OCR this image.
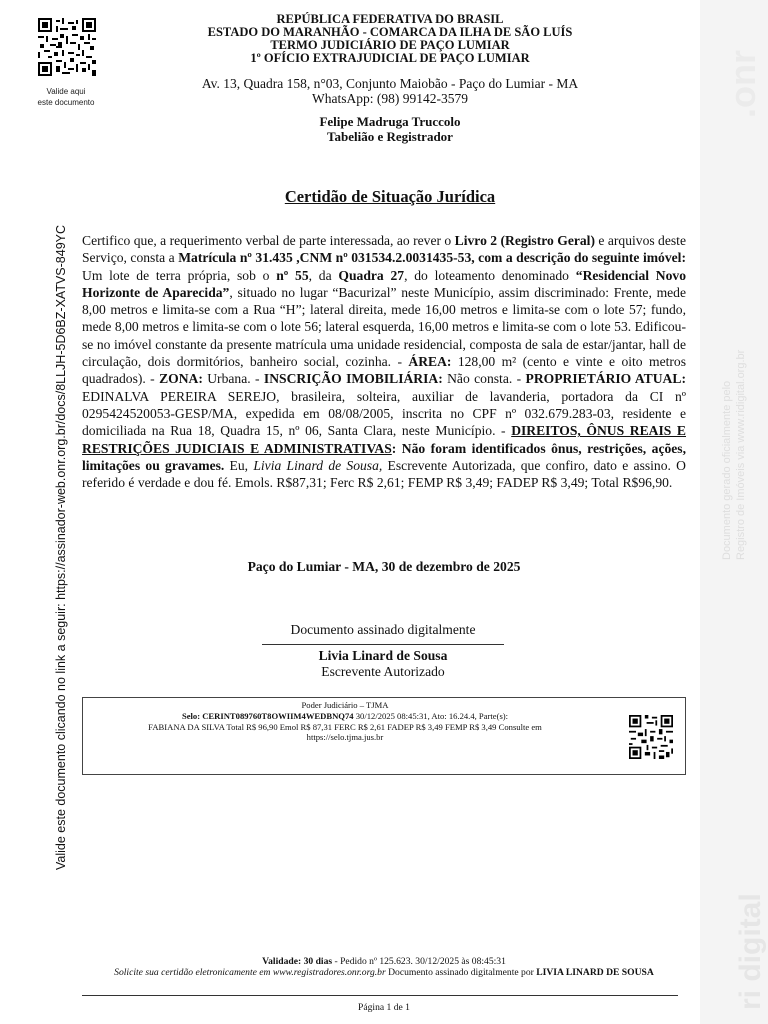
.onr
Documento gerado oficialmente pelo Registro de Imóveis via www.ridigital.org.br
ri digital
Valide aqui
este documento
REPÚBLICA FEDERATIVA DO BRASIL
ESTADO DO MARANHÃO - COMARCA DA ILHA DE SÃO LUÍS
TERMO JUDICIÁRIO DE PAÇO LUMIAR
1º OFÍCIO EXTRAJUDICIAL DE PAÇO LUMIAR
Av. 13, Quadra 158, n°03, Conjunto Maiobão - Paço do Lumiar - MA
WhatsApp: (98) 99142-3579
Felipe Madruga Truccolo
Tabelião e Registrador
Certidão de Situação Jurídica
Certifico que, a requerimento verbal de parte interessada, ao rever o Livro 2 (Registro Geral) e arquivos deste Serviço, consta a Matrícula nº 31.435 ,CNM nº 031534.2.0031435-53, com a descrição do seguinte imóvel: Um lote de terra própria, sob o nº 55, da Quadra 27, do loteamento denominado “Residencial Novo Horizonte de Aparecida”, situado no lugar “Bacurizal” neste Município, assim discriminado: Frente, mede 8,00 metros e limita-se com a Rua “H”; lateral direita, mede 16,00 metros e limita-se com o lote 57; fundo, mede 8,00 metros e limita-se com o lote 56; lateral esquerda, 16,00 metros e limita-se com o lote 53. Edificou-se no imóvel constante da presente matrícula uma unidade residencial, composta de sala de estar/jantar, hall de circulação, dois dormitórios, banheiro social, cozinha. - ÁREA: 128,00 m² (cento e vinte e oito metros quadrados). - ZONA: Urbana. - INSCRIÇÃO IMOBILIÁRIA: Não consta. - PROPRIETÁRIO ATUAL: EDINALVA PEREIRA SEREJO, brasileira, solteira, auxiliar de lavanderia, portadora da CI nº 0295424520053-GESP/MA, expedida em 08/08/2005, inscrita no CPF nº 032.679.283-03, residente e domiciliada na Rua 18, Quadra 15, nº 06, Santa Clara, neste Município. - DIREITOS, ÔNUS REAIS E RESTRIÇÕES JUDICIAIS E ADMINISTRATIVAS: Não foram identificados ônus, restrições, ações, limitações ou gravames. Eu, Livia Linard de Sousa, Escrevente Autorizada, que confiro, dato e assino. O referido é verdade e dou fé. Emols. R$87,31; Ferc R$ 2,61; FEMP R$ 3,49; FADEP R$ 3,49; Total R$96,90.
Paço do Lumiar - MA, 30 de dezembro de 2025
Documento assinado digitalmente
Livia Linard de Sousa
Escrevente Autorizado
Poder Judiciário – TJMA
Selo: CERINT089760T8OWIIM4WEDBNQ74 30/12/2025 08:45:31, Ato: 16.24.4, Parte(s):
FABIANA DA SILVA Total R$ 96,90 Emol R$ 87,31 FERC R$ 2,61 FADEP R$ 3,49 FEMP R$ 3,49 Consulte em
https://selo.tjma.jus.br
Validade: 30 dias - Pedido nº 125.623. 30/12/2025 às 08:45:31
Solicite sua certidão eletronicamente em www.registradores.onr.org.br Documento assinado digitalmente por LIVIA LINARD DE SOUSA
Página 1 de 1
Valide este documento clicando no link a seguir: https://assinador-web.onr.org.br/docs/8LLJH-5D6BZ-XATVS-849YC
